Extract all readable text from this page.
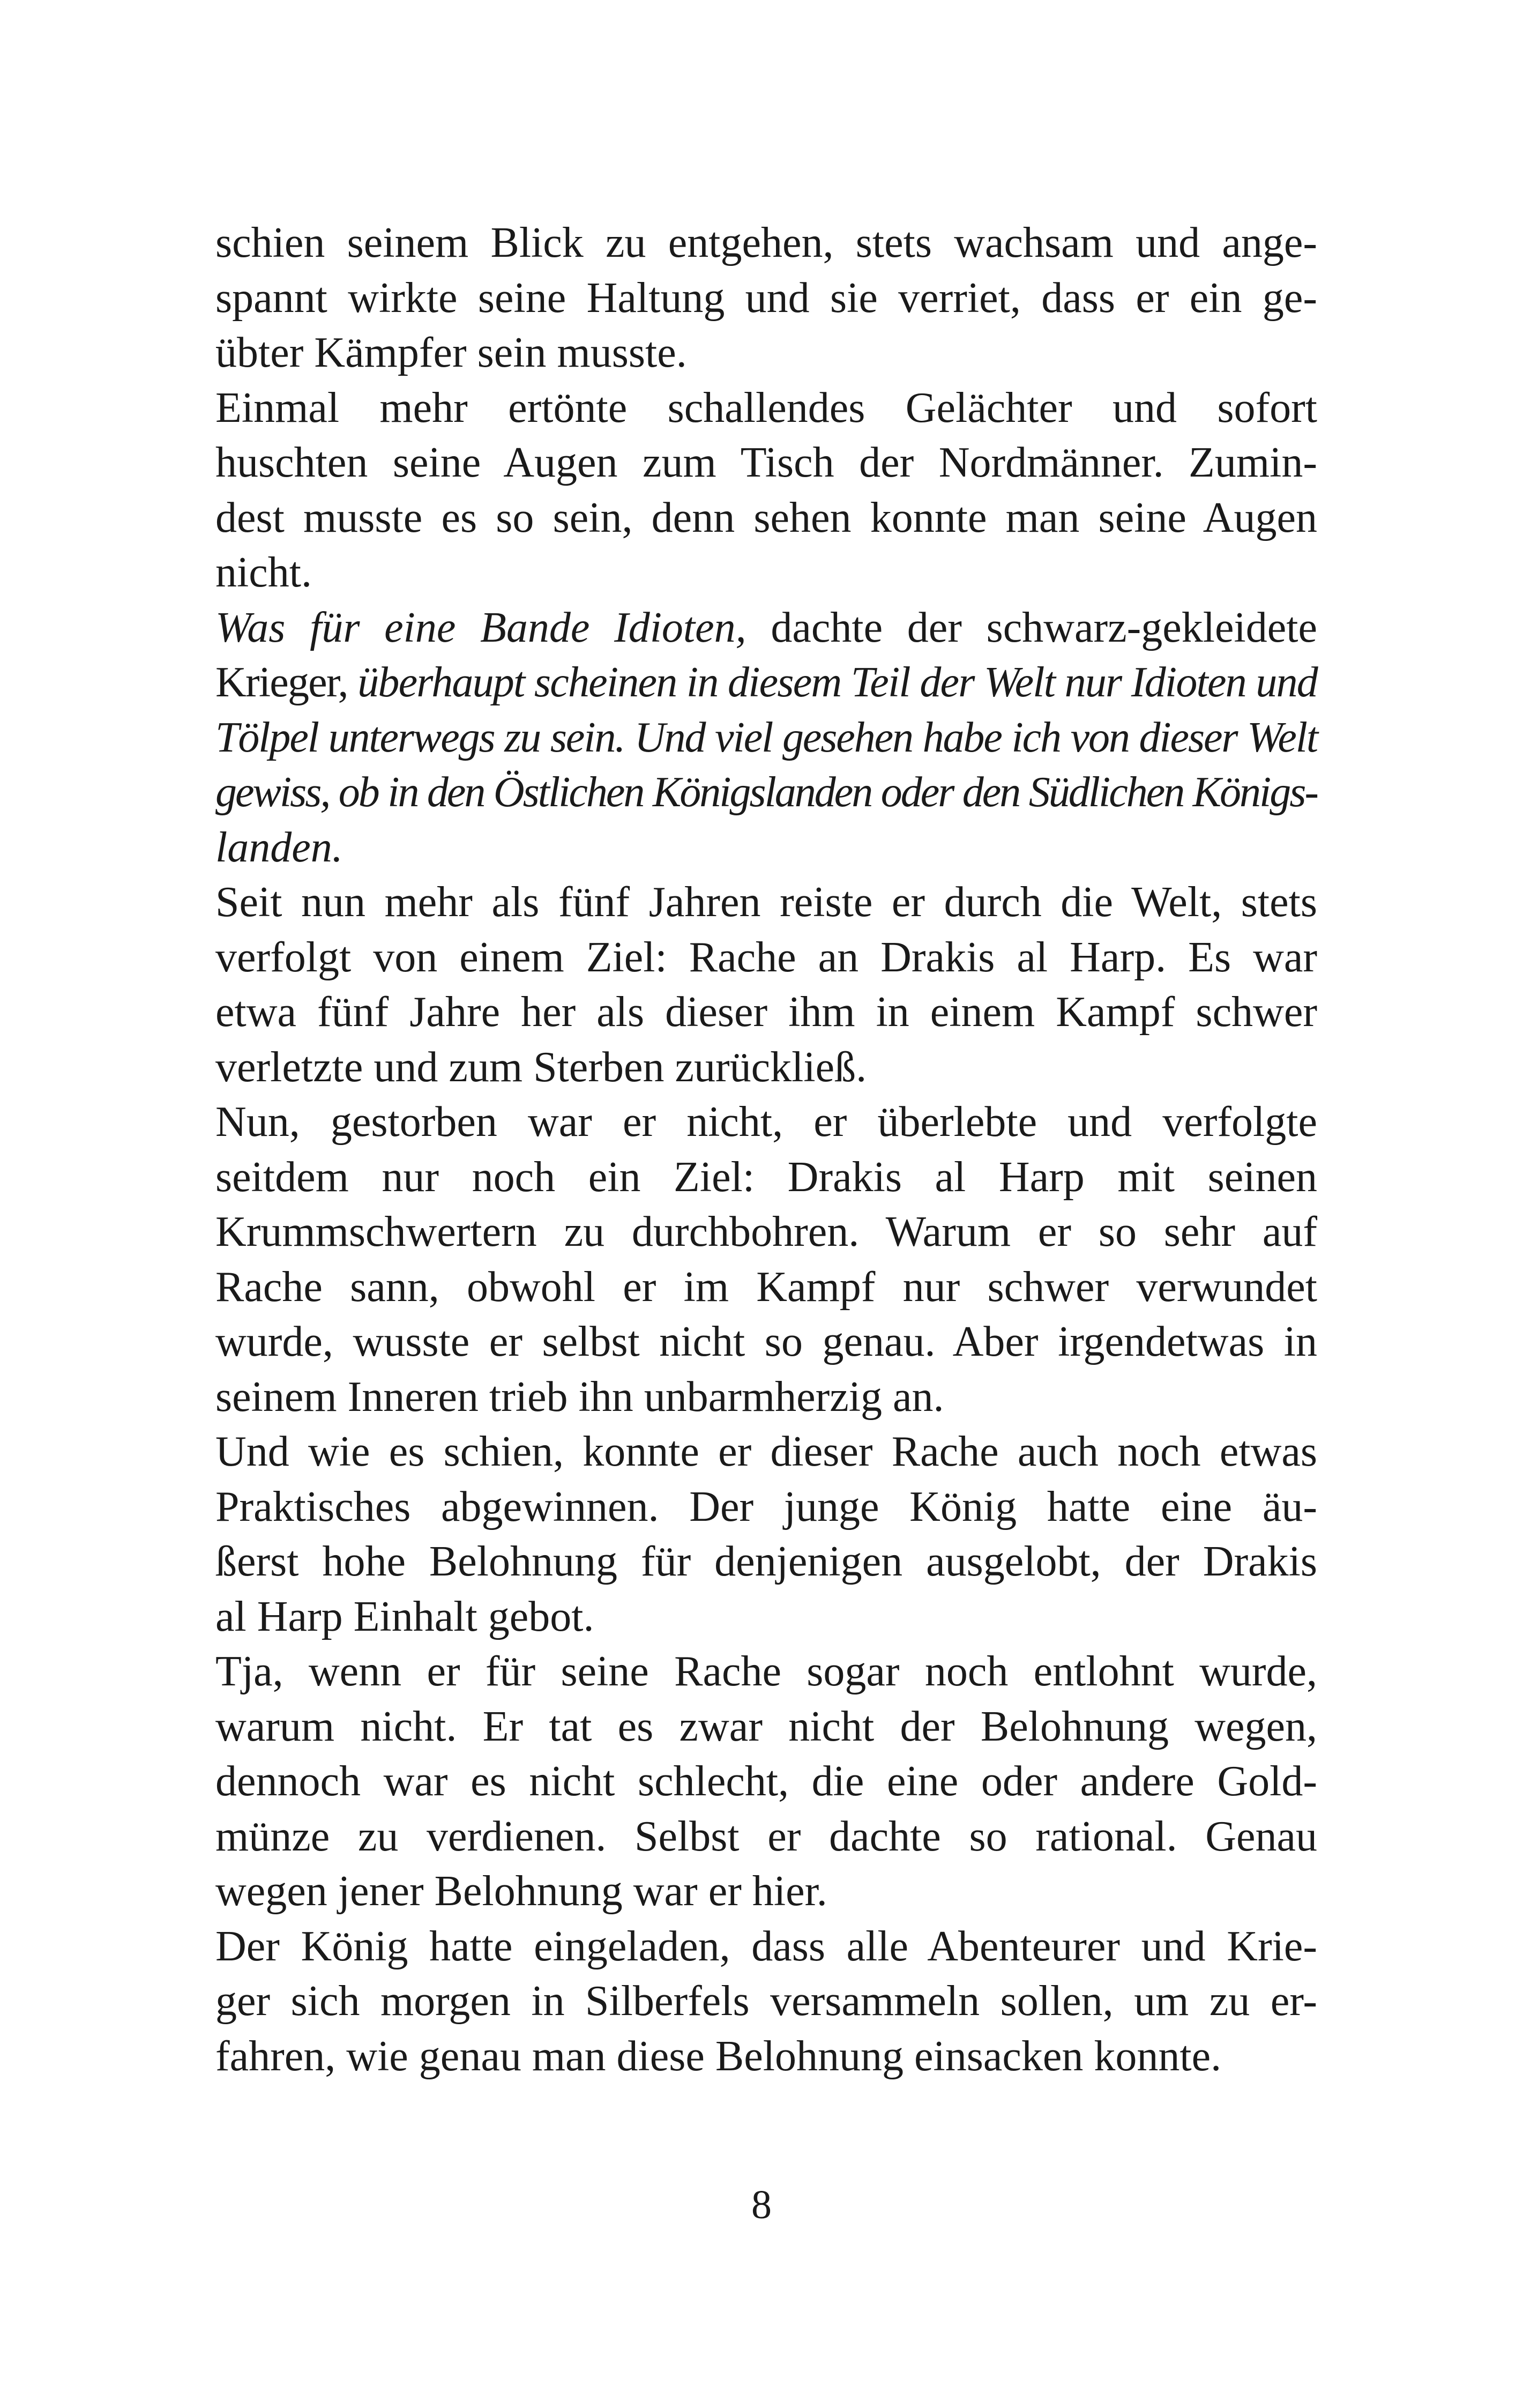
schien seinem Blick zu entgehen, stets wachsam und ange-
spannt wirkte seine Haltung und sie verriet, dass er ein ge-
übter Kämpfer sein musste.
Einmal mehr ertönte schallendes Gelächter und sofort
huschten seine Augen zum Tisch der Nordmänner. Zumin-
dest musste es so sein, denn sehen konnte man seine Augen
nicht.
Was für eine Bande Idioten, dachte der schwarz-gekleidete
Krieger, überhaupt scheinen in diesem Teil der Welt nur Idioten und
Tölpel unterwegs zu sein. Und viel gesehen habe ich von dieser Welt
gewiss, ob in den Östlichen Königslanden oder den Südlichen Königs-
landen.
Seit nun mehr als fünf Jahren reiste er durch die Welt, stets
verfolgt von einem Ziel: Rache an Drakis al Harp. Es war
etwa fünf Jahre her als dieser ihm in einem Kampf schwer
verletzte und zum Sterben zurückließ.
Nun, gestorben war er nicht, er überlebte und verfolgte
seitdem nur noch ein Ziel: Drakis al Harp mit seinen
Krummschwertern zu durchbohren. Warum er so sehr auf
Rache sann, obwohl er im Kampf nur schwer verwundet
wurde, wusste er selbst nicht so genau. Aber irgendetwas in
seinem Inneren trieb ihn unbarmherzig an.
Und wie es schien, konnte er dieser Rache auch noch etwas
Praktisches abgewinnen. Der junge König hatte eine äu-
ßerst hohe Belohnung für denjenigen ausgelobt, der Drakis
al Harp Einhalt gebot.
Tja, wenn er für seine Rache sogar noch entlohnt wurde,
warum nicht. Er tat es zwar nicht der Belohnung wegen,
dennoch war es nicht schlecht, die eine oder andere Gold-
münze zu verdienen. Selbst er dachte so rational. Genau
wegen jener Belohnung war er hier.
Der König hatte eingeladen, dass alle Abenteurer und Krie-
ger sich morgen in Silberfels versammeln sollen, um zu er-
fahren, wie genau man diese Belohnung einsacken konnte.
8
